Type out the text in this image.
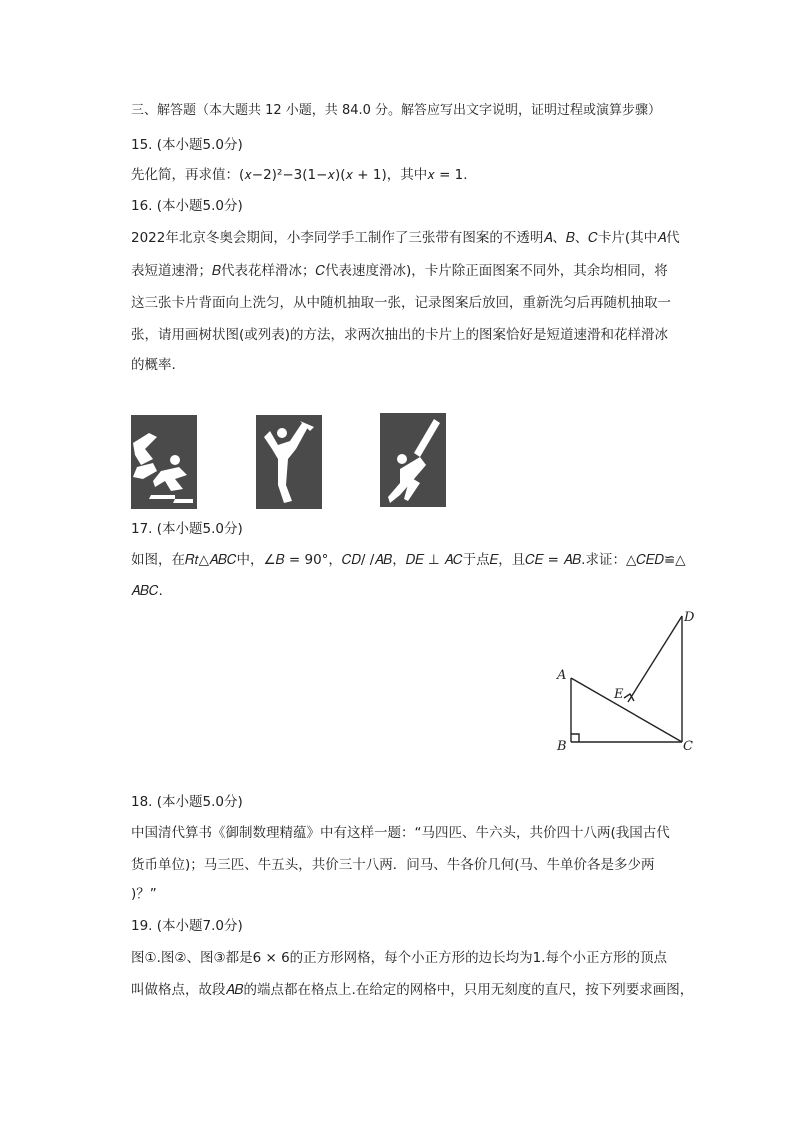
三、解答题（本大题共 12 小题，共 84.0 分。解答应写出文字说明，证明过程或演算步骤）
15. (本小题5.0分)
先化简，再求值：(𝑥−2)²−3(1−𝑥)(𝑥 + 1)，其中𝑥 = 1.
16. (本小题5.0分)
2022年北京冬奥会期间，小李同学手工制作了三张带有图案的不透明𝐴、𝐵、𝐶卡片(其中𝐴代
表短道速滑；𝐵代表花样滑冰；𝐶代表速度滑冰)，卡片除正面图案不同外，其余均相同，将
这三张卡片背面向上洗匀，从中随机抽取一张，记录图案后放回，重新洗匀后再随机抽取一
张，请用画树状图(或列表)的方法，求两次抽出的卡片上的图案恰好是短道速滑和花样滑冰
的概率.
17. (本小题5.0分)
如图，在𝑅𝑡△𝐴𝐵𝐶中，∠𝐵 = 90°，𝐶𝐷/ /𝐴𝐵，𝐷𝐸 ⊥ 𝐴𝐶于点𝐸，且𝐶𝐸 = 𝐴𝐵.求证：△𝐶𝐸𝐷≌△
𝐴𝐵𝐶.
D
A
E
B	C
18. (本小题5.0分)
中国清代算书《御制数理精蕴》中有这样一题：“马四匹、牛六头，共价四十八两(我国古代
货币单位)；马三匹、牛五头，共价三十八两．问马、牛各价几何(马、牛单价各是多少两
)？”
19. (本小题7.0分)
图①.图②、图③都是6 × 6的正方形网格，每个小正方形的边长均为1.每个小正方形的顶点
叫做格点，故段𝐴𝐵的端点都在格点上.在给定的网格中，只用无刻度的直尺，按下列要求画图，
